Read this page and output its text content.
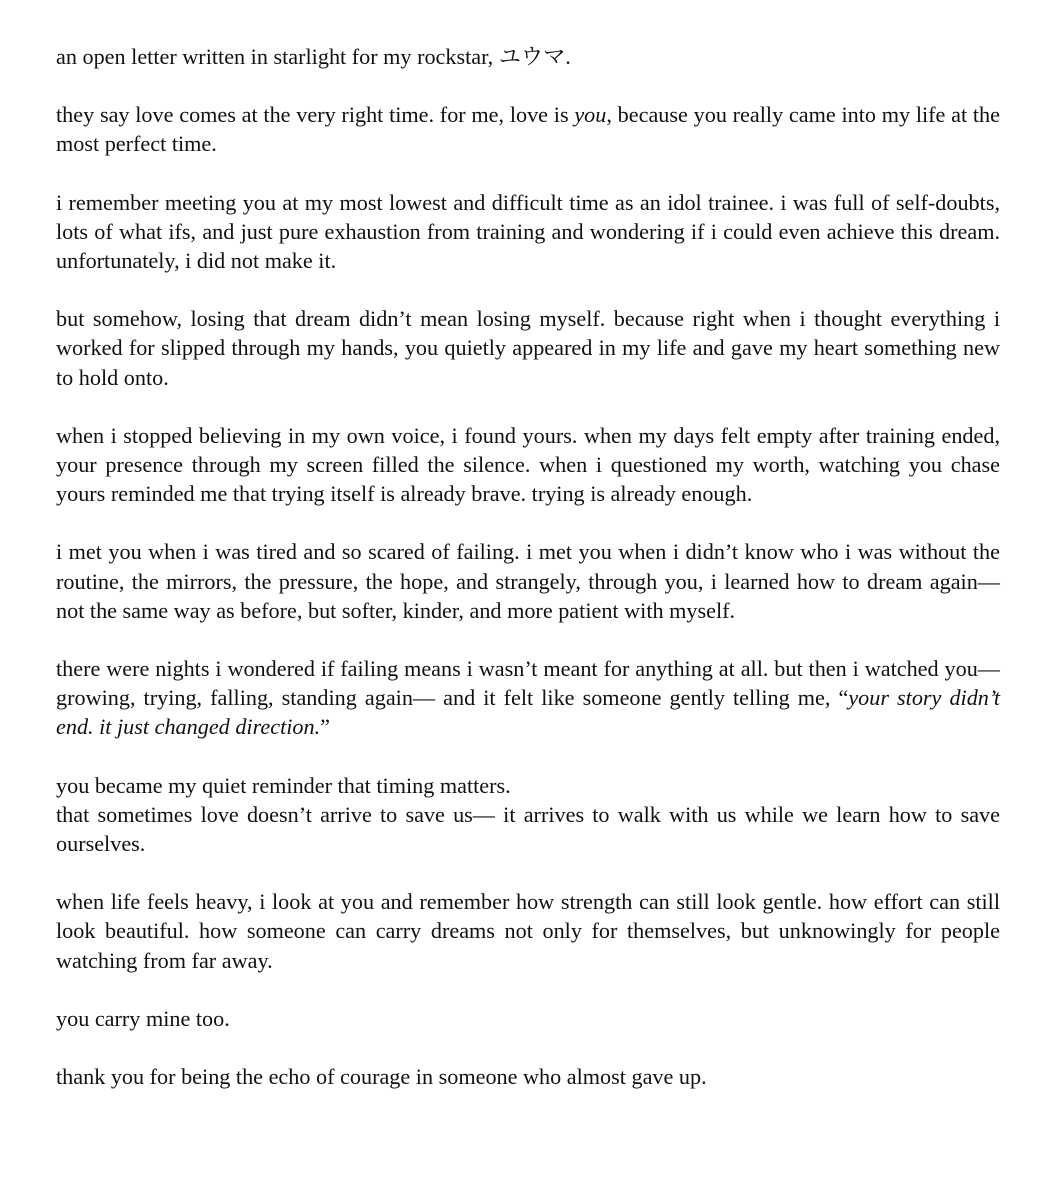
an open letter written in starlight for my rockstar, ユウマ.

they say love comes at the very right time. for me, love is you, because you really came into my life at the most perfect time.

i remember meeting you at my most lowest and difficult time as an idol trainee. i was full of self-doubts, lots of what ifs, and just pure exhaustion from training and wondering if i could even achieve this dream. unfortunately, i did not make it.

but somehow, losing that dream didn’t mean losing myself. because right when i thought everything i worked for slipped through my hands, you quietly appeared in my life and gave my heart something new to hold onto.

when i stopped believing in my own voice, i found yours. when my days felt empty after training ended, your presence through my screen filled the silence. when i questioned my worth, watching you chase yours reminded me that trying itself is already brave. trying is already enough.

i met you when i was tired and so scared of failing. i met you when i didn’t know who i was without the routine, the mirrors, the pressure, the hope, and strangely, through you, i learned how to dream again— not the same way as before, but softer, kinder, and more patient with myself.

there were nights i wondered if failing means i wasn’t meant for anything at all. but then i watched you— growing, trying, falling, standing again— and it felt like someone gently telling me, “your story didn’t end. it just changed direction.”

you became my quiet reminder that timing matters.

that sometimes love doesn’t arrive to save us— it arrives to walk with us while we learn how to save ourselves.

when life feels heavy, i look at you and remember how strength can still look gentle. how effort can still look beautiful. how someone can carry dreams not only for themselves, but unknowingly for people watching from far away.

you carry mine too.

thank you for being the echo of courage in someone who almost gave up.
